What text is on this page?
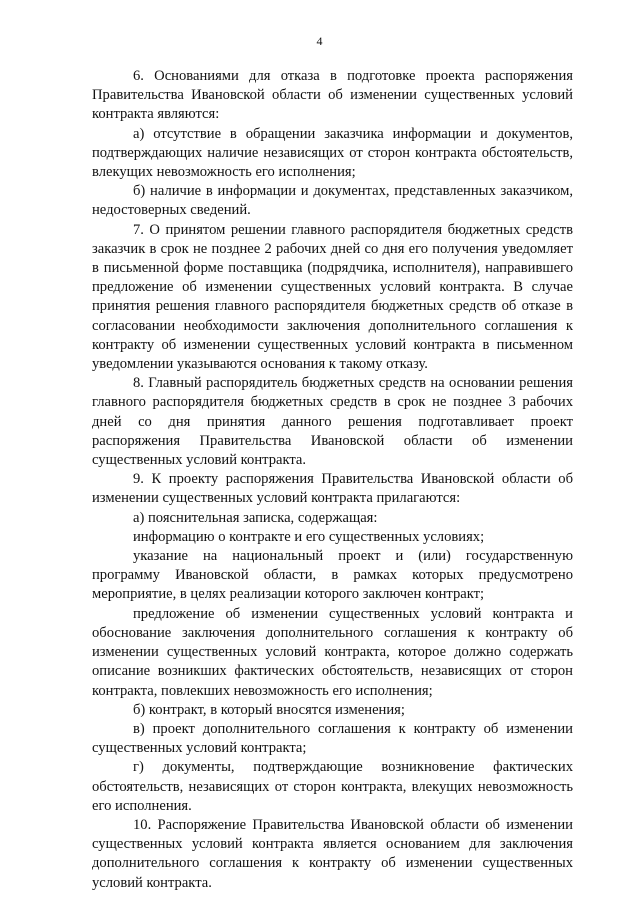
4

6. Основаниями для отказа в подготовке проекта распоряжения Правительства Ивановской области об изменении существенных условий контракта являются:

а) отсутствие в обращении заказчика информации и документов, подтверждающих наличие независящих от сторон контракта обстоятельств, влекущих невозможность его исполнения;

б) наличие в информации и документах, представленных заказчиком, недостоверных сведений.

7. О принятом решении главного распорядителя бюджетных средств заказчик в срок не позднее 2 рабочих дней со дня его получения уведомляет в письменной форме поставщика (подрядчика, исполнителя), направившего предложение об изменении существенных условий контракта. В случае принятия решения главного распорядителя бюджетных средств об отказе в согласовании необходимости заключения дополнительного соглашения к контракту об изменении существенных условий контракта в письменном уведомлении указываются основания к такому отказу.

8. Главный распорядитель бюджетных средств на основании решения главного распорядителя бюджетных средств в срок не позднее 3 рабочих дней со дня принятия данного решения подготавливает проект распоряжения Правительства Ивановской области об изменении существенных условий контракта.

9. К проекту распоряжения Правительства Ивановской области об изменении существенных условий контракта прилагаются:

а) пояснительная записка, содержащая:

информацию о контракте и его существенных условиях;

указание на национальный проект и (или) государственную программу Ивановской области, в рамках которых предусмотрено мероприятие, в целях реализации которого заключен контракт;

предложение об изменении существенных условий контракта и обоснование заключения дополнительного соглашения к контракту об изменении существенных условий контракта, которое должно содержать описание возникших фактических обстоятельств, независящих от сторон контракта, повлекших невозможность его исполнения;

б) контракт, в который вносятся изменения;

в) проект дополнительного соглашения к контракту об изменении существенных условий контракта;

г) документы, подтверждающие возникновение фактических обстоятельств, независящих от сторон контракта, влекущих невозможность его исполнения.

10. Распоряжение Правительства Ивановской области об изменении существенных условий контракта является основанием для заключения дополнительного соглашения к контракту об изменении существенных условий контракта.
